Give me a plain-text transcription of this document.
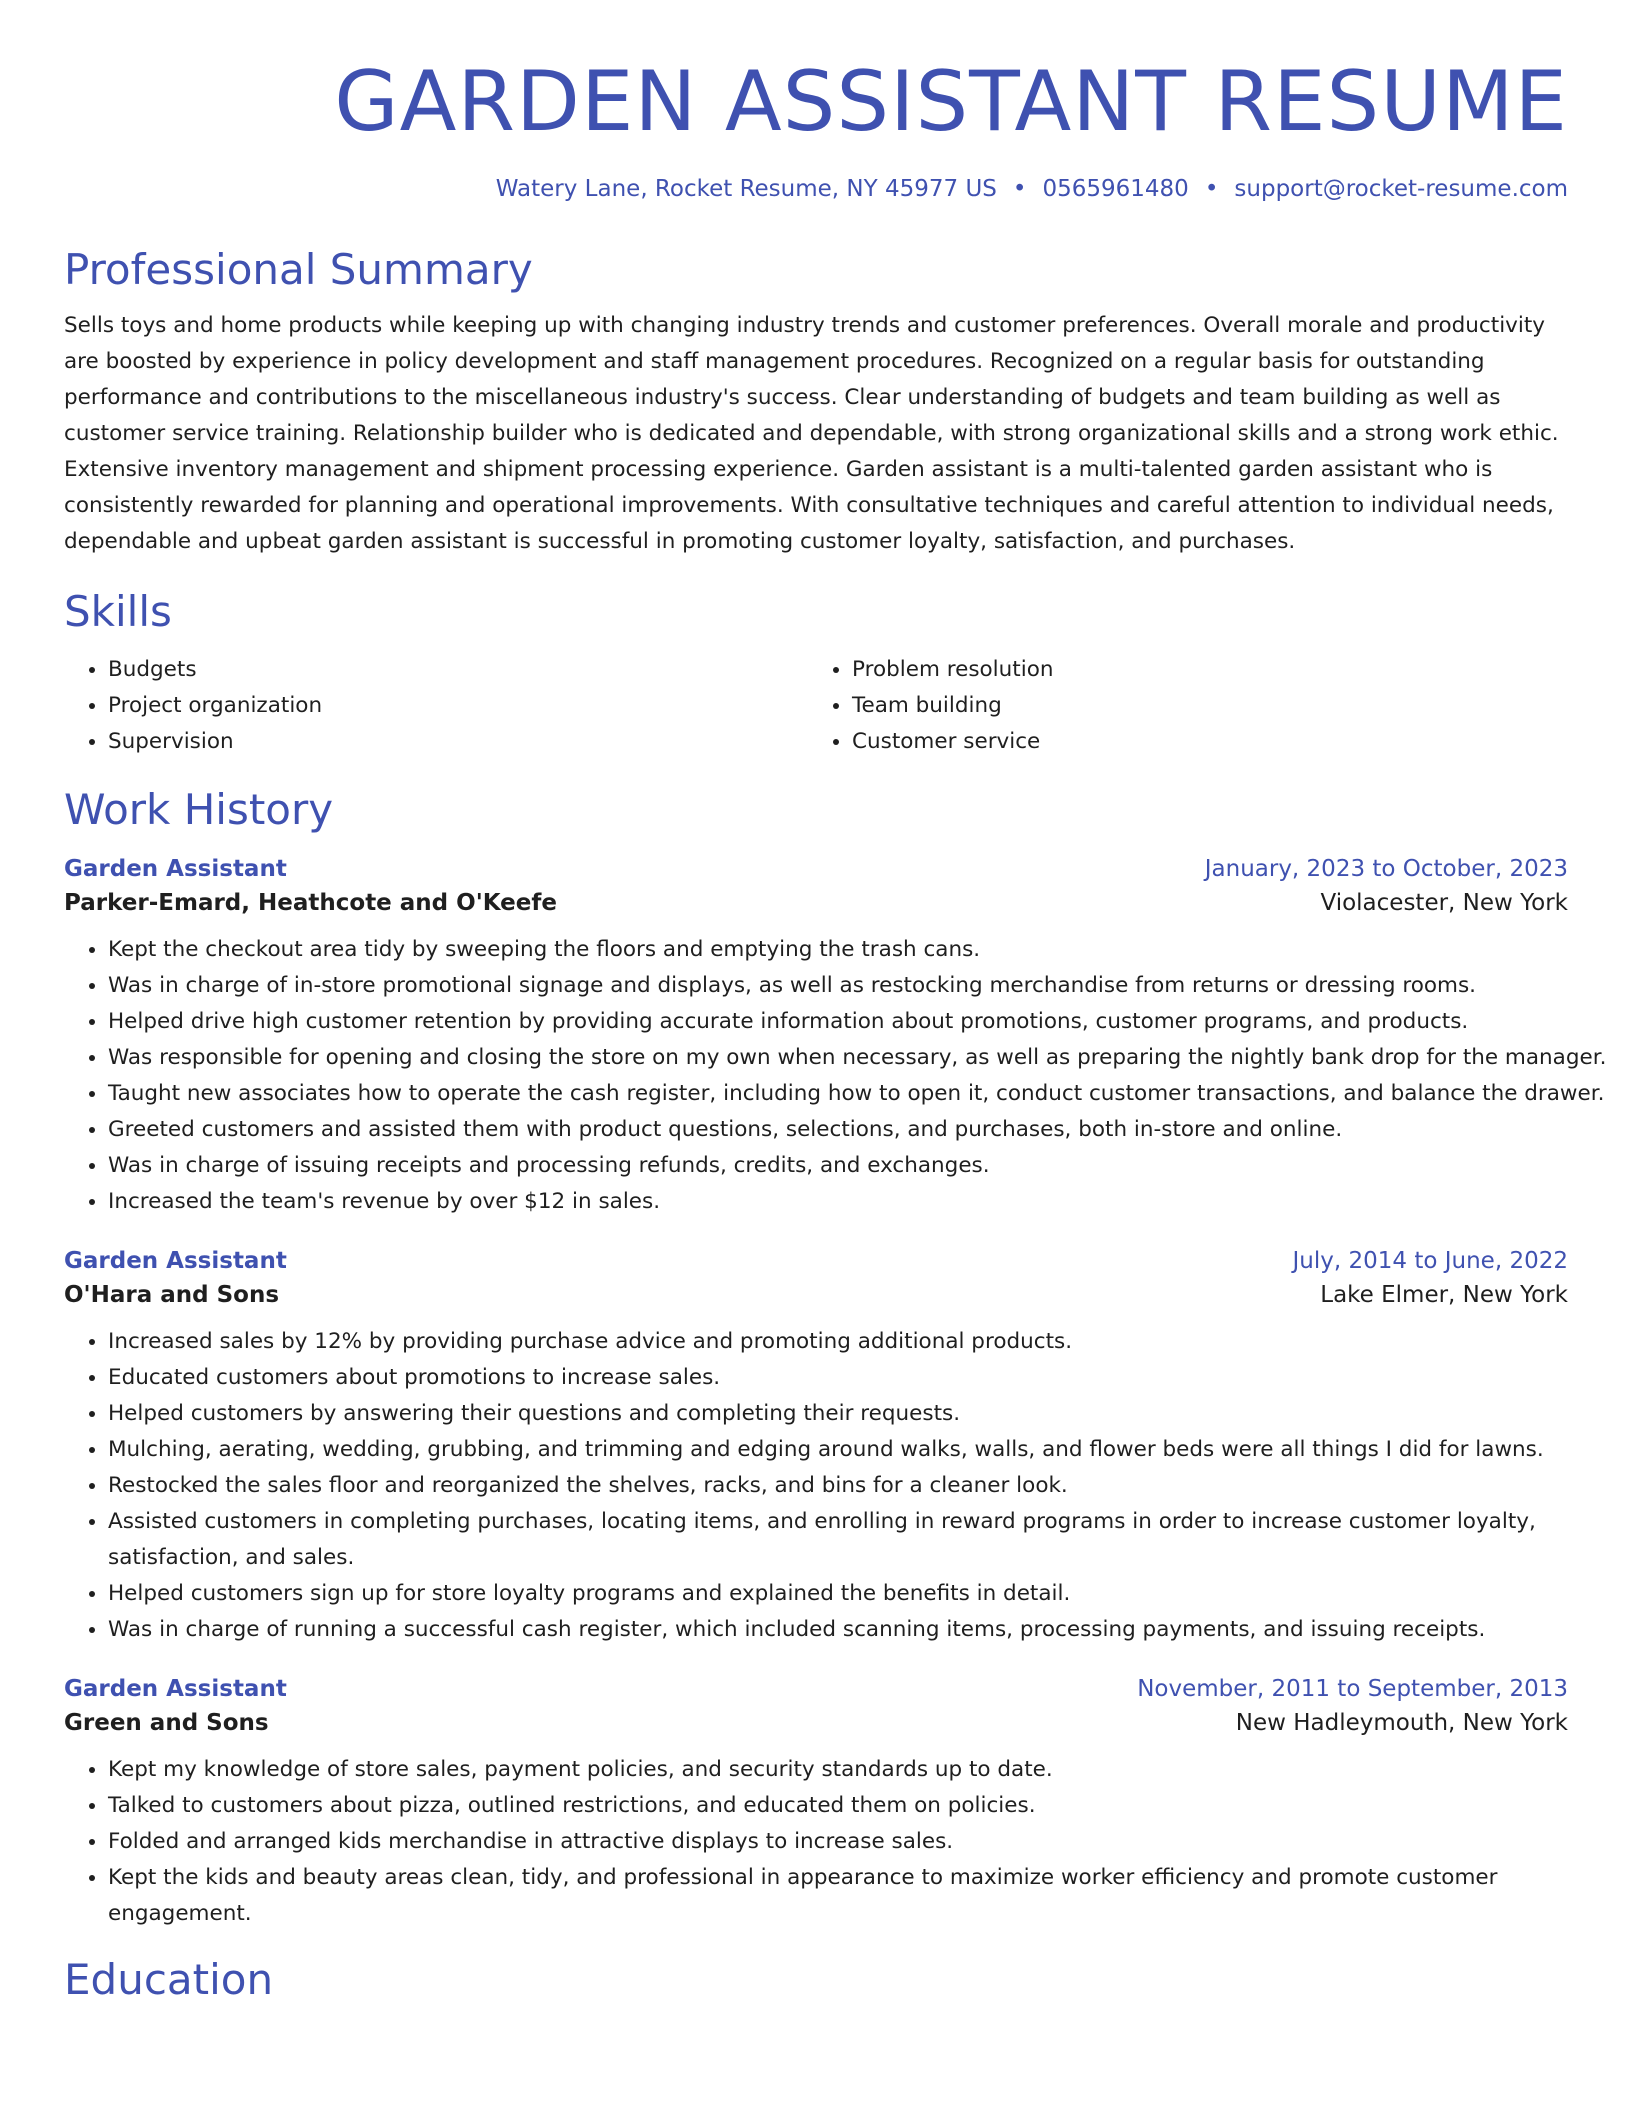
GARDEN ASSISTANT RESUME
Watery Lane, Rocket Resume, NY 45977 US • 0565961480 • support@rocket-resume.com
Professional Summary
Sells toys and home products while keeping up with changing industry trends and customer preferences. Overall morale and productivity are boosted by experience in policy development and staff management procedures. Recognized on a regular basis for outstanding performance and contributions to the miscellaneous industry's success. Clear understanding of budgets and team building as well as customer service training. Relationship builder who is dedicated and dependable, with strong organizational skills and a strong work ethic. Extensive inventory management and shipment processing experience. Garden assistant is a multi-talented garden assistant who is consistently rewarded for planning and operational improvements. With consultative techniques and careful attention to individual needs, dependable and upbeat garden assistant is successful in promoting customer loyalty, satisfaction, and purchases.
Skills
• Budgets
• Project organization
• Supervision
• Problem resolution
• Team building
• Customer service
Work History
Garden Assistant	January, 2023 to October, 2023
Parker-Emard, Heathcote and O'Keefe	Violacester, New York
• Kept the checkout area tidy by sweeping the floors and emptying the trash cans.
• Was in charge of in-store promotional signage and displays, as well as restocking merchandise from returns or dressing rooms.
• Helped drive high customer retention by providing accurate information about promotions, customer programs, and products.
• Was responsible for opening and closing the store on my own when necessary, as well as preparing the nightly bank drop for the manager.
• Taught new associates how to operate the cash register, including how to open it, conduct customer transactions, and balance the drawer.
• Greeted customers and assisted them with product questions, selections, and purchases, both in-store and online.
• Was in charge of issuing receipts and processing refunds, credits, and exchanges.
• Increased the team's revenue by over $12 in sales.
Garden Assistant	July, 2014 to June, 2022
O'Hara and Sons	Lake Elmer, New York
• Increased sales by 12% by providing purchase advice and promoting additional products.
• Educated customers about promotions to increase sales.
• Helped customers by answering their questions and completing their requests.
• Mulching, aerating, wedding, grubbing, and trimming and edging around walks, walls, and flower beds were all things I did for lawns.
• Restocked the sales floor and reorganized the shelves, racks, and bins for a cleaner look.
• Assisted customers in completing purchases, locating items, and enrolling in reward programs in order to increase customer loyalty, satisfaction, and sales.
• Helped customers sign up for store loyalty programs and explained the benefits in detail.
• Was in charge of running a successful cash register, which included scanning items, processing payments, and issuing receipts.
Garden Assistant	November, 2011 to September, 2013
Green and Sons	New Hadleymouth, New York
• Kept my knowledge of store sales, payment policies, and security standards up to date.
• Talked to customers about pizza, outlined restrictions, and educated them on policies.
• Folded and arranged kids merchandise in attractive displays to increase sales.
• Kept the kids and beauty areas clean, tidy, and professional in appearance to maximize worker efficiency and promote customer engagement.
Education
